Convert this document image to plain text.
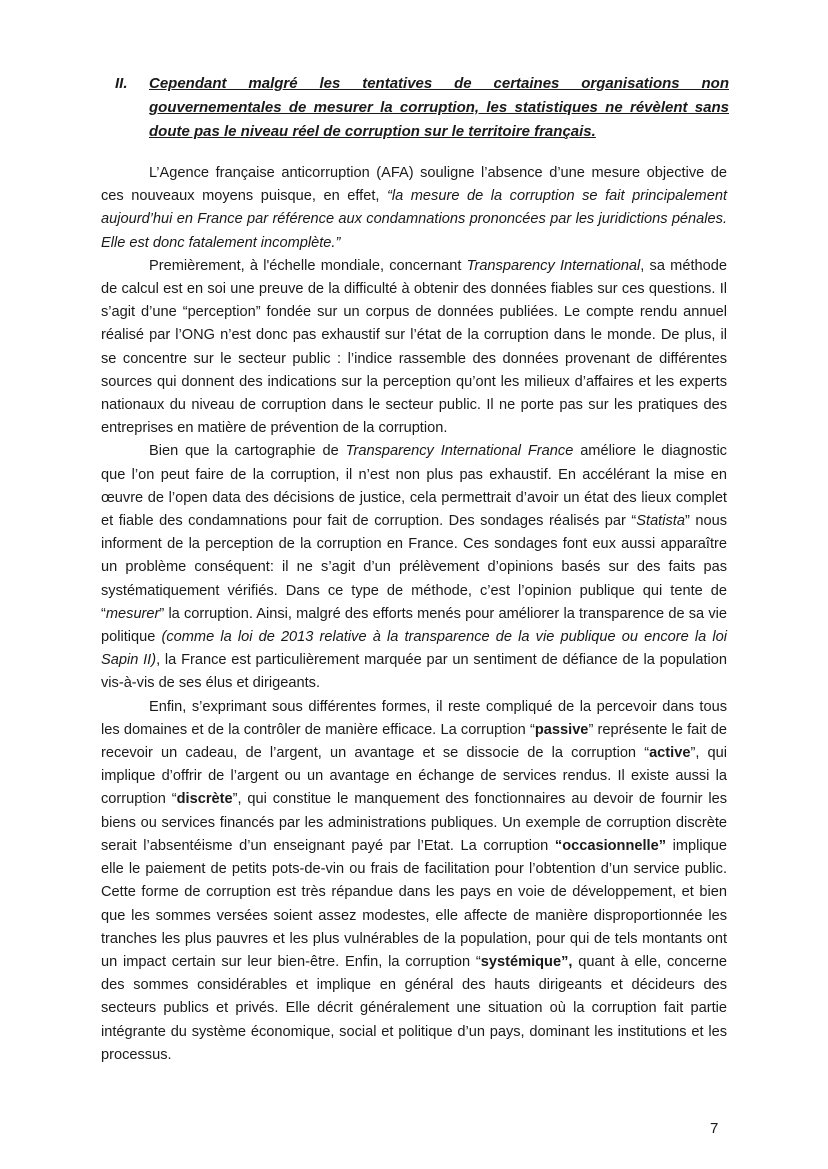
II. Cependant malgré les tentatives de certaines organisations non gouvernementales de mesurer la corruption, les statistiques ne révèlent sans doute pas le niveau réel de corruption sur le territoire français.

L’Agence française anticorruption (AFA) souligne l’absence d’une mesure objective de ces nouveaux moyens puisque, en effet, “la mesure de la corruption se fait principalement aujourd’hui en France par référence aux condamnations prononcées par les juridictions pénales. Elle est donc fatalement incomplète.”

Premièrement, à l'échelle mondiale, concernant Transparency International, sa méthode de calcul est en soi une preuve de la difficulté à obtenir des données fiables sur ces questions. Il s’agit d’une “perception” fondée sur un corpus de données publiées. Le compte rendu annuel réalisé par l’ONG n’est donc pas exhaustif sur l’état de la corruption dans le monde. De plus, il se concentre sur le secteur public : l’indice rassemble des données provenant de différentes sources qui donnent des indications sur la perception qu’ont les milieux d’affaires et les experts nationaux du niveau de corruption dans le secteur public. Il ne porte pas sur les pratiques des entreprises en matière de prévention de la corruption.

Bien que la cartographie de Transparency International France améliore le diagnostic que l’on peut faire de la corruption, il n’est non plus pas exhaustif. En accélérant la mise en œuvre de l’open data des décisions de justice, cela permettrait d’avoir un état des lieux complet et fiable des condamnations pour fait de corruption. Des sondages réalisés par “Statista” nous informent de la perception de la corruption en France. Ces sondages font eux aussi apparaître un problème conséquent: il ne s’agit d’un prélèvement d’opinions basés sur des faits pas systématiquement vérifiés. Dans ce type de méthode, c’est l’opinion publique qui tente de “mesurer” la corruption. Ainsi, malgré des efforts menés pour améliorer la transparence de sa vie politique (comme la loi de 2013 relative à la transparence de la vie publique ou encore la loi Sapin II), la France est particulièrement marquée par un sentiment de défiance de la population vis-à-vis de ses élus et dirigeants.

Enfin, s’exprimant sous différentes formes, il reste compliqué de la percevoir dans tous les domaines et de la contrôler de manière efficace. La corruption “passive” représente le fait de recevoir un cadeau, de l’argent, un avantage et se dissocie de la corruption “active”, qui implique d’offrir de l’argent ou un avantage en échange de services rendus. Il existe aussi la corruption “discrète”, qui constitue le manquement des fonctionnaires au devoir de fournir les biens ou services financés par les administrations publiques. Un exemple de corruption discrète serait l’absentéisme d’un enseignant payé par l’Etat. La corruption “occasionnelle” implique elle le paiement de petits pots-de-vin ou frais de facilitation pour l’obtention d’un service public. Cette forme de corruption est très répandue dans les pays en voie de développement, et bien que les sommes versées soient assez modestes, elle affecte de manière disproportionnée les tranches les plus pauvres et les plus vulnérables de la population, pour qui de tels montants ont un impact certain sur leur bien-être. Enfin, la corruption “systémique”, quant à elle, concerne des sommes considérables et implique en général des hauts dirigeants et décideurs des secteurs publics et privés. Elle décrit généralement une situation où la corruption fait partie intégrante du système économique, social et politique d’un pays, dominant les institutions et les processus.

7
